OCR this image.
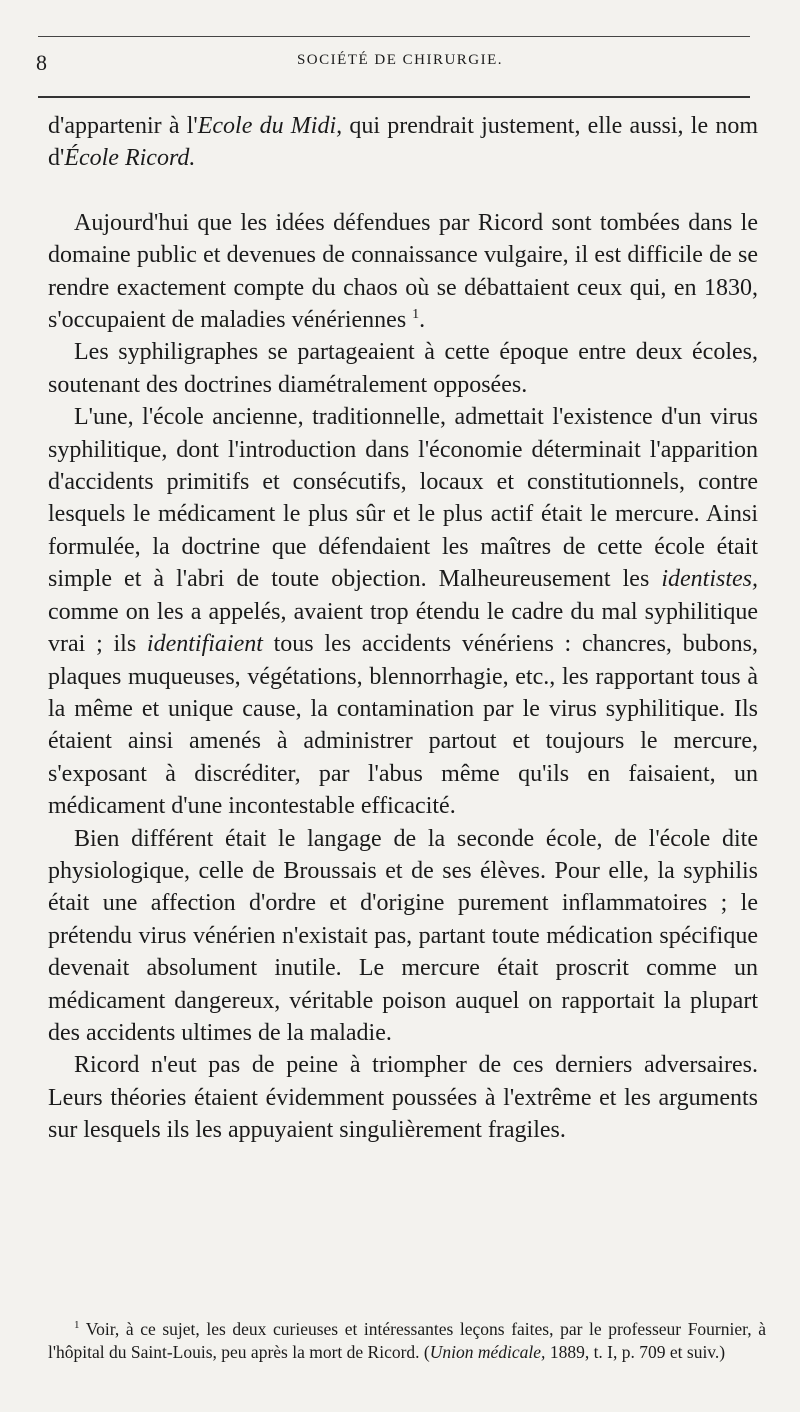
8	SOCIÉTÉ DE CHIRURGIE.

d'appartenir à l'Ecole du Midi, qui prendrait justement, elle aussi, le nom d'École Ricord.

Aujourd'hui que les idées défendues par Ricord sont tombées dans le domaine public et devenues de connaissance vulgaire, il est difficile de se rendre exactement compte du chaos où se débattaient ceux qui, en 1830, s'occupaient de maladies vénériennes $^1$.

Les syphiligraphes se partageaient à cette époque entre deux écoles, soutenant des doctrines diamétralement opposées.

L'une, l'école ancienne, traditionnelle, admettait l'existence d'un virus syphilitique, dont l'introduction dans l'économie déterminait l'apparition d'accidents primitifs et consécutifs, locaux et constitutionnels, contre lesquels le médicament le plus sûr et le plus actif était le mercure. Ainsi formulée, la doctrine que défendaient les maîtres de cette école était simple et à l'abri de toute objection. Malheureusement les identistes, comme on les a appelés, avaient trop étendu le cadre du mal syphilitique vrai ; ils identifiaient tous les accidents vénériens : chancres, bubons, plaques muqueuses, végétations, blennorrhagie, etc., les rapportant tous à la même et unique cause, la contamination par le virus syphilitique. Ils étaient ainsi amenés à administrer partout et toujours le mercure, s'exposant à discréditer, par l'abus même qu'ils en faisaient, un médicament d'une incontestable efficacité.

Bien différent était le langage de la seconde école, de l'école dite physiologique, celle de Broussais et de ses élèves. Pour elle, la syphilis était une affection d'ordre et d'origine purement inflammatoires ; le prétendu virus vénérien n'existait pas, partant toute médication spécifique devenait absolument inutile. Le mercure était proscrit comme un médicament dangereux, véritable poison auquel on rapportait la plupart des accidents ultimes de la maladie.

Ricord n'eut pas de peine à triompher de ces derniers adversaires. Leurs théories étaient évidemment poussées à l'extrême et les arguments sur lesquels ils les appuyaient singulièrement fragiles.

$^1$ Voir, à ce sujet, les deux curieuses et intéressantes leçons faites, par le professeur Fournier, à l'hôpital du Saint-Louis, peu après la mort de Ricord. (Union médicale, 1889, t. I, p. 709 et suiv.)
